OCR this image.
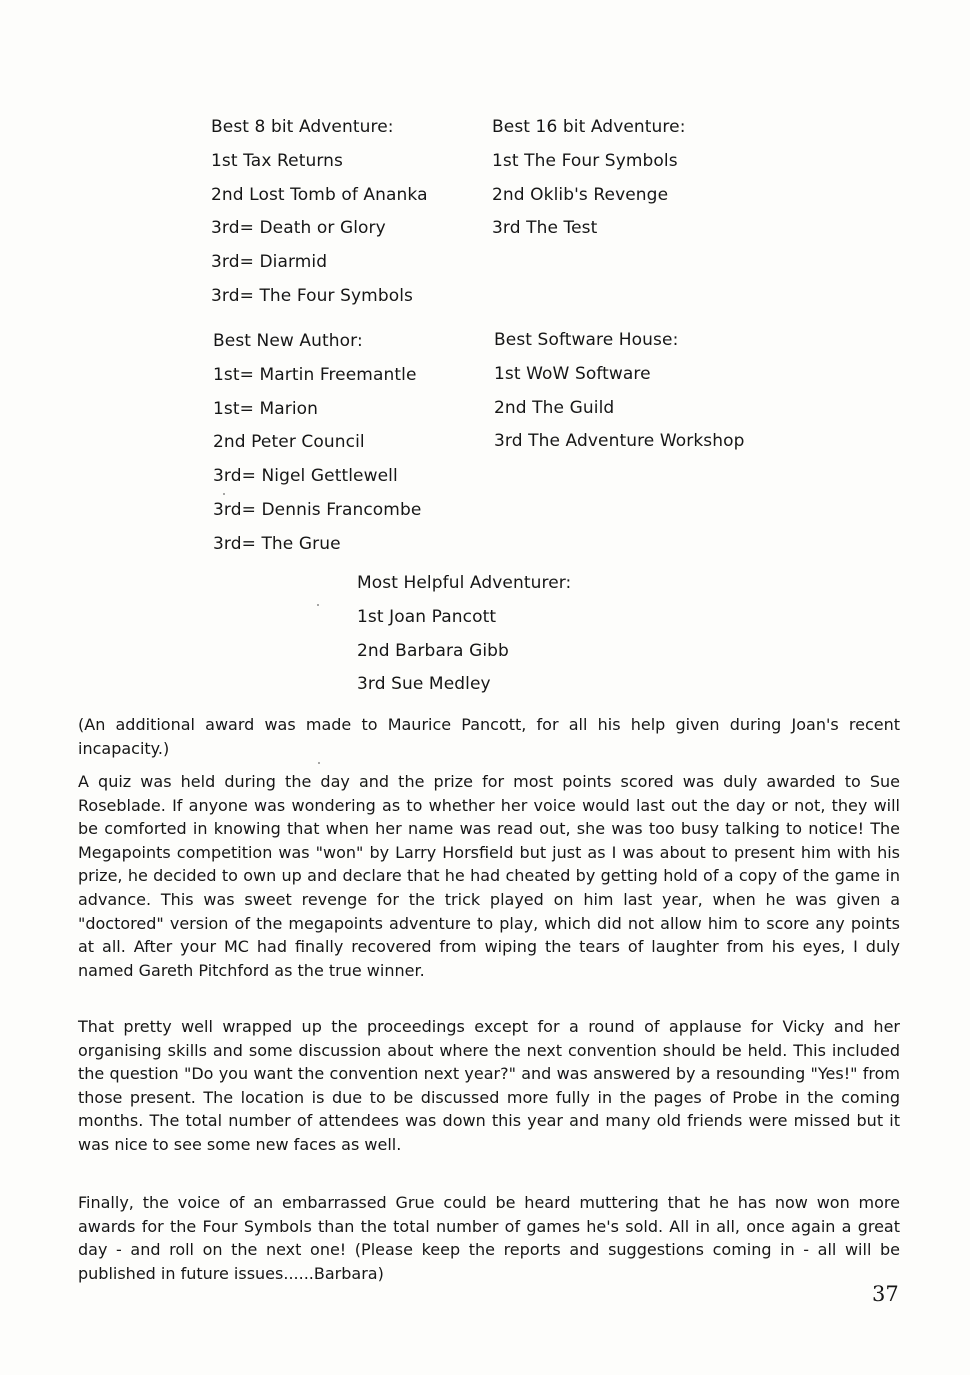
Best 8 bit Adventure:
1st Tax Returns
2nd Lost Tomb of Ananka
3rd= Death or Glory
3rd= Diarmid
3rd= The Four Symbols
Best 16 bit Adventure:
1st The Four Symbols
2nd Oklib's Revenge
3rd The Test
Best New Author:
1st= Martin Freemantle
1st= Marion
2nd Peter Council
3rd= Nigel Gettlewell
3rd= Dennis Francombe
3rd= The Grue
Best Software House:
1st WoW Software
2nd The Guild
3rd The Adventure Workshop
Most Helpful Adventurer:
1st Joan Pancott
2nd Barbara Gibb
3rd Sue Medley

(An additional award was made to Maurice Pancott, for all his help given during Joan's recent incapacity.)

A quiz was held during the day and the prize for most points scored was duly awarded to Sue Roseblade. If anyone was wondering as to whether her voice would last out the day or not, they will be comforted in knowing that when her name was read out, she was too busy talking to notice! The Megapoints competition was "won" by Larry Horsfield but just as I was about to present him with his prize, he decided to own up and declare that he had cheated by getting hold of a copy of the game in advance. This was sweet revenge for the trick played on him last year, when he was given a "doctored" version of the megapoints adventure to play, which did not allow him to score any points at all. After your MC had finally recovered from wiping the tears of laughter from his eyes, I duly named Gareth Pitchford as the true winner.

That pretty well wrapped up the proceedings except for a round of applause for Vicky and her organising skills and some discussion about where the next convention should be held. This included the question "Do you want the convention next year?" and was answered by a resounding "Yes!" from those present. The location is due to be discussed more fully in the pages of Probe in the coming months. The total number of attendees was down this year and many old friends were missed but it was nice to see some new faces as well.

Finally, the voice of an embarrassed Grue could be heard muttering that he has now won more awards for the Four Symbols than the total number of games he's sold. All in all, once again a great day - and roll on the next one! (Please keep the reports and suggestions coming in - all will be published in future issues......Barbara)

37
